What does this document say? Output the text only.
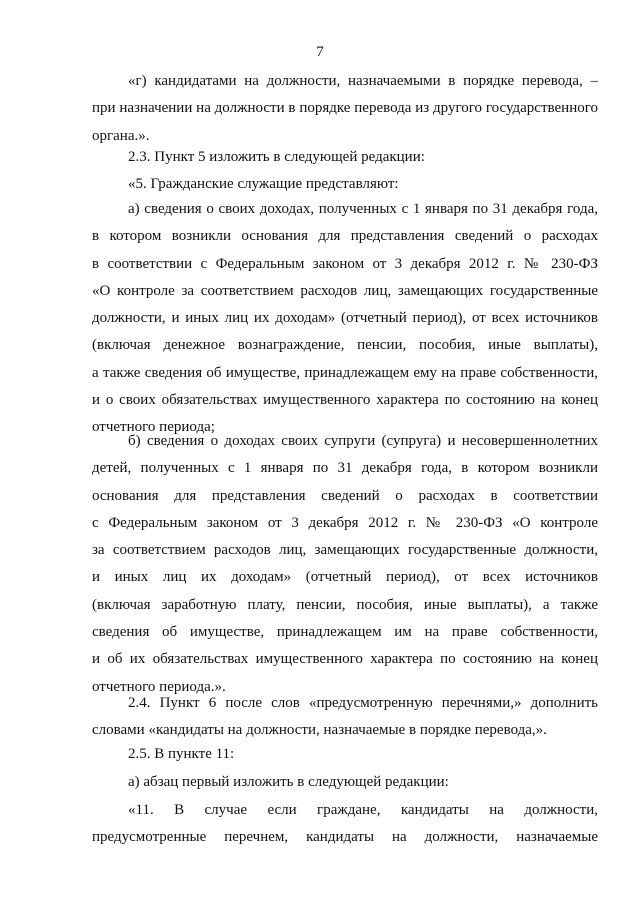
7
«г) кандидатами на должности, назначаемыми в порядке перевода, –
при назначении на должности в порядке перевода из другого государственного
органа.».
2.3. Пункт 5 изложить в следующей редакции:
«5. Гражданские служащие представляют:
а) сведения о своих доходах, полученных с 1 января по 31 декабря года,
в котором возникли основания для представления сведений о расходах
в соответствии с Федеральным законом от 3 декабря 2012 г. № 230-ФЗ
«О контроле за соответствием расходов лиц, замещающих государственные
должности, и иных лиц их доходам» (отчетный период), от всех источников
(включая денежное вознаграждение, пенсии, пособия, иные выплаты),
а также сведения об имуществе, принадлежащем ему на праве собственности,
и о своих обязательствах имущественного характера по состоянию на конец
отчетного периода;
б) сведения о доходах своих супруги (супруга) и несовершеннолетних
детей, полученных с 1 января по 31 декабря года, в котором возникли
основания для представления сведений о расходах в соответствии
с Федеральным законом от 3 декабря 2012 г. № 230-ФЗ «О контроле
за соответствием расходов лиц, замещающих государственные должности,
и иных лиц их доходам» (отчетный период), от всех источников
(включая заработную плату, пенсии, пособия, иные выплаты), а также
сведения об имуществе, принадлежащем им на праве собственности,
и об их обязательствах имущественного характера по состоянию на конец
отчетного периода.».
2.4. Пункт 6 после слов «предусмотренную перечнями,» дополнить
словами «кандидаты на должности, назначаемые в порядке перевода,».
2.5. В пункте 11:
а) абзац первый изложить в следующей редакции:
«11. В случае если граждане, кандидаты на должности,
предусмотренные перечнем, кандидаты на должности, назначаемые
